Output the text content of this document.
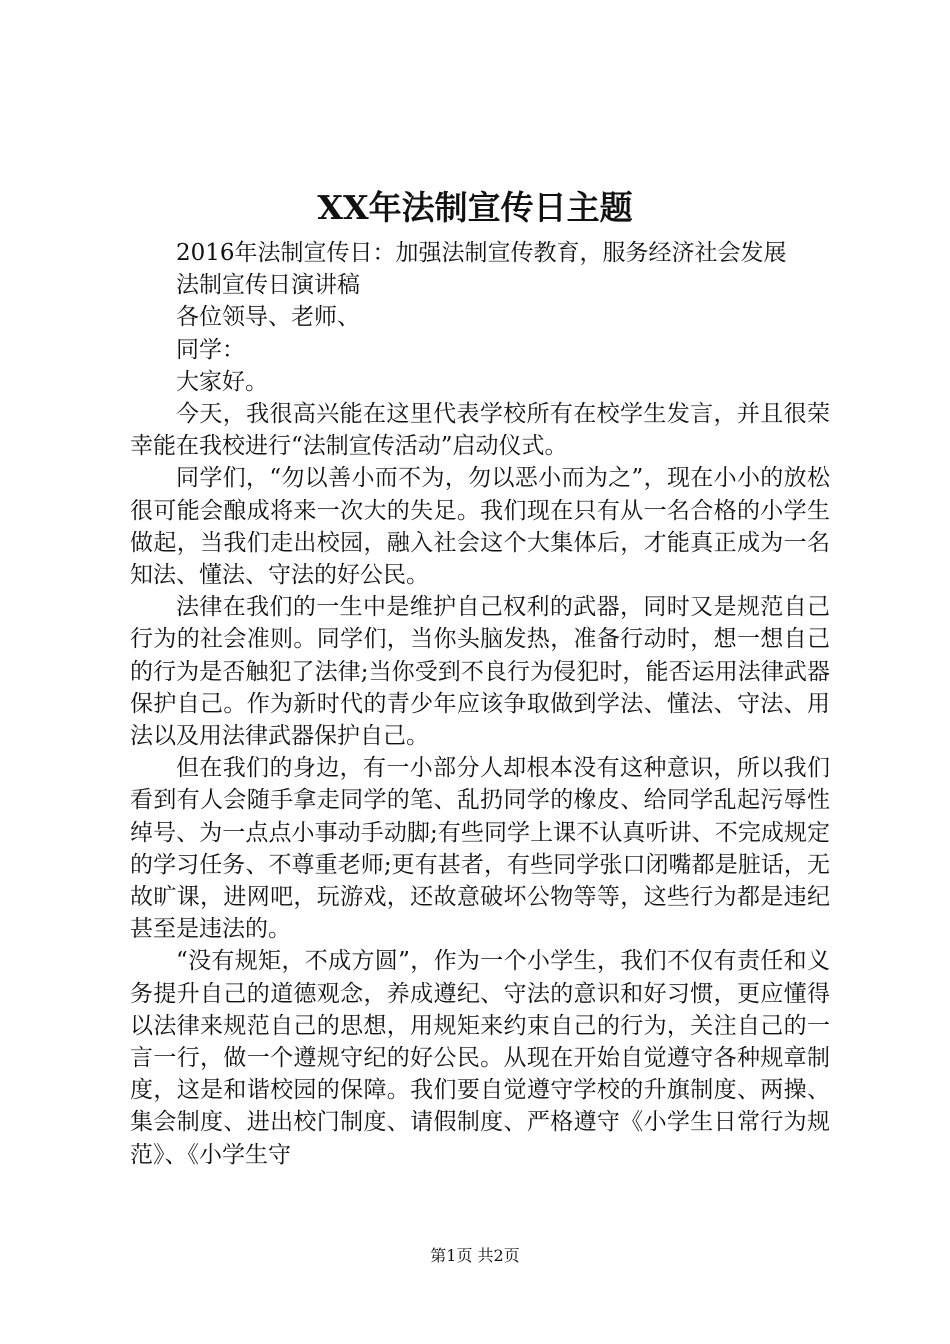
XX年法制宣传日主题

2016年法制宣传日：加强法制宣传教育，服务经济社会发展

法制宣传日演讲稿

各位领导、老师、

同学：

大家好。

今天，我很高兴能在这里代表学校所有在校学生发言，并且很荣幸能在我校进行“法制宣传活动”启动仪式。

同学们，“勿以善小而不为，勿以恶小而为之”，现在小小的放松很可能会酿成将来一次大的失足。我们现在只有从一名合格的小学生做起，当我们走出校园，融入社会这个大集体后，才能真正成为一名知法、懂法、守法的好公民。

法律在我们的一生中是维护自己权利的武器，同时又是规范自己行为的社会准则。同学们，当你头脑发热，准备行动时，想一想自己的行为是否触犯了法律;当你受到不良行为侵犯时，能否运用法律武器保护自己。作为新时代的青少年应该争取做到学法、懂法、守法、用法以及用法律武器保护自己。

但在我们的身边，有一小部分人却根本没有这种意识，所以我们看到有人会随手拿走同学的笔、乱扔同学的橡皮、给同学乱起污辱性绰号、为一点点小事动手动脚;有些同学上课不认真听讲、不完成规定的学习任务、不尊重老师;更有甚者，有些同学张口闭嘴都是脏话，无故旷课，进网吧，玩游戏，还故意破坏公物等等，这些行为都是违纪甚至是违法的。

“没有规矩，不成方圆”，作为一个小学生，我们不仅有责任和义务提升自己的道德观念，养成遵纪、守法的意识和好习惯，更应懂得以法律来规范自己的思想，用规矩来约束自己的行为，关注自己的一言一行，做一个遵规守纪的好公民。从现在开始自觉遵守各种规章制度，这是和谐校园的保障。我们要自觉遵守学校的升旗制度、两操、集会制度、进出校门制度、请假制度、严格遵守《小学生日常行为规范》、《小学生守

第1页 共2页
